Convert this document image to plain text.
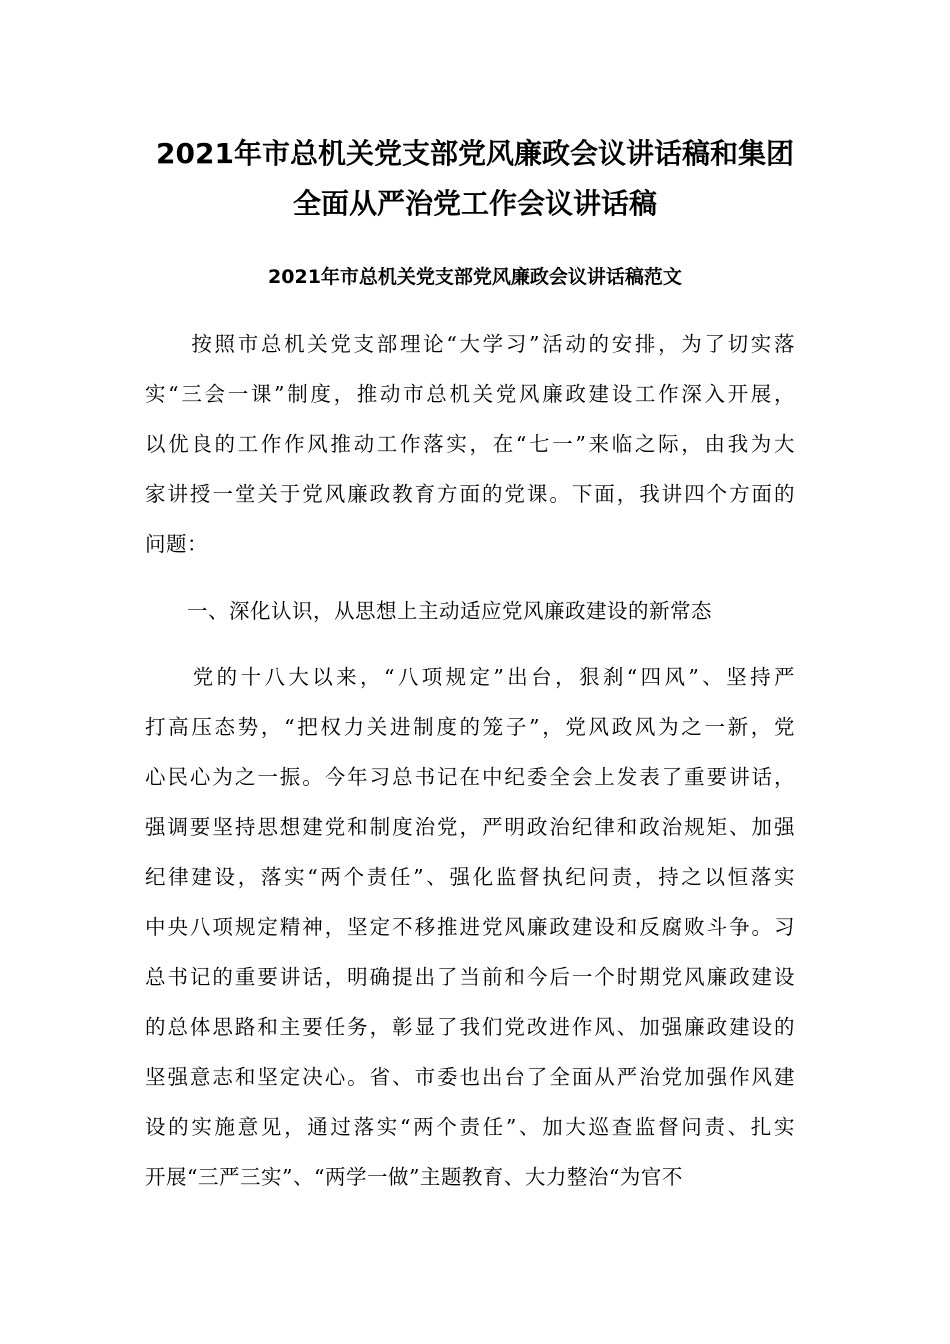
2021年市总机关党支部党风廉政会议讲话稿和集团
全面从严治党工作会议讲话稿
2021年市总机关党支部党风廉政会议讲话稿范文
　　按照市总机关党支部理论“大学习”活动的安排，为了切实落
实“三会一课”制度，推动市总机关党风廉政建设工作深入开展，
以优良的工作作风推动工作落实，在“七一”来临之际，由我为大
家讲授一堂关于党风廉政教育方面的党课。下面，我讲四个方面的
问题：
　　一、深化认识，从思想上主动适应党风廉政建设的新常态
　　党的十八大以来，“八项规定”出台，狠刹“四风”、坚持严
打高压态势，“把权力关进制度的笼子”，党风政风为之一新，党
心民心为之一振。今年习总书记在中纪委全会上发表了重要讲话，
强调要坚持思想建党和制度治党，严明政治纪律和政治规矩、加强
纪律建设，落实“两个责任”、强化监督执纪问责，持之以恒落实
中央八项规定精神，坚定不移推进党风廉政建设和反腐败斗争。习
总书记的重要讲话，明确提出了当前和今后一个时期党风廉政建设
的总体思路和主要任务，彰显了我们党改进作风、加强廉政建设的
坚强意志和坚定决心。省、市委也出台了全面从严治党加强作风建
设的实施意见，通过落实“两个责任”、加大巡查监督问责、扎实
开展“三严三实”、“两学一做”主题教育、大力整治“为官不
